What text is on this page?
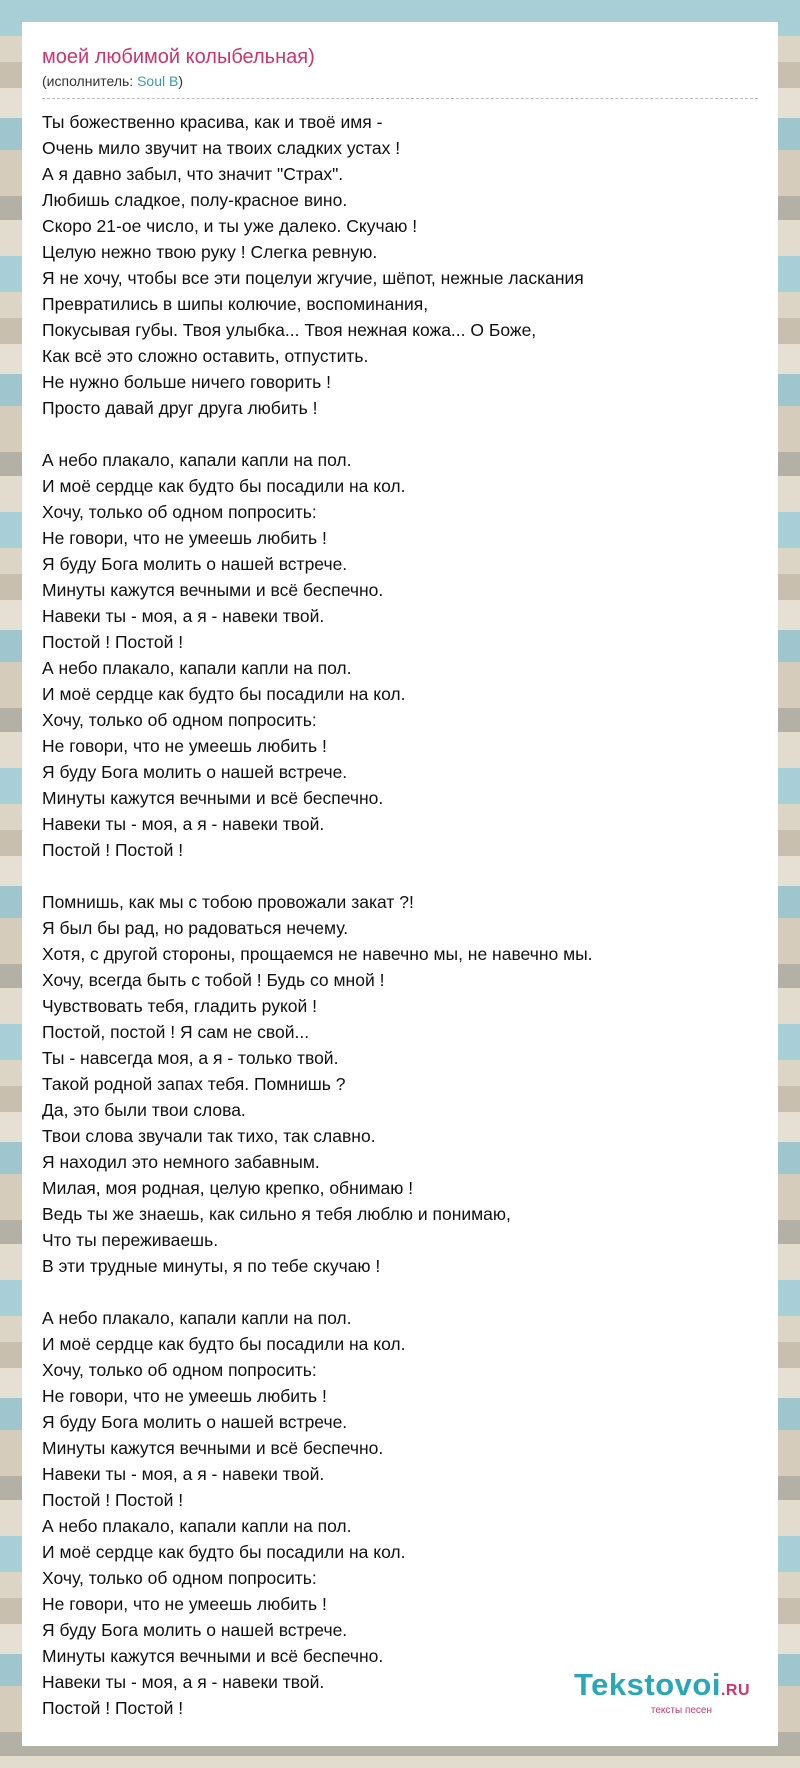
моей любимой колыбельная)
(исполнитель: Soul B)
Ты божественно красива, как и твоё имя -
Очень мило звучит на твоих сладких устах !
А я давно забыл, что значит "Страх".
Любишь сладкое, полу-красное вино.
Скоро 21-ое число, и ты уже далеко. Скучаю !
Целую нежно твою руку ! Слегка ревную.
Я не хочу, чтобы все эти поцелуи жгучие, шёпот, нежные ласкания
Превратились в шипы колючие, воспоминания,
Покусывая губы. Твоя улыбка... Твоя нежная кожа... О Боже,
Как всё это сложно оставить, отпустить.
Не нужно больше ничего говорить !
Просто давай друг друга любить !
А небо плакало, капали капли на пол.
И моё сердце как будто бы посадили на кол.
Хочу, только об одном попросить:
Не говори, что не умеешь любить !
Я буду Бога молить о нашей встрече.
Минуты кажутся вечными и всё беспечно.
Навеки ты - моя, а я - навеки твой.
Постой ! Постой !
А небо плакало, капали капли на пол.
И моё сердце как будто бы посадили на кол.
Хочу, только об одном попросить:
Не говори, что не умеешь любить !
Я буду Бога молить о нашей встрече.
Минуты кажутся вечными и всё беспечно.
Навеки ты - моя, а я - навеки твой.
Постой ! Постой !
Помнишь, как мы с тобою провожали закат ?!
Я был бы рад, но радоваться нечему.
Хотя, с другой стороны, прощаемся не навечно мы, не навечно мы.
Хочу, всегда быть с тобой ! Будь со мной !
Чувствовать тебя, гладить рукой !
Постой, постой ! Я сам не свой...
Ты - навсегда моя, а я - только твой.
Такой родной запах тебя. Помнишь ?
Да, это были твои слова.
Твои слова звучали так тихо, так славно.
Я находил это немного забавным.
Милая, моя родная, целую крепко, обнимаю !
Ведь ты же знаешь, как сильно я тебя люблю и понимаю,
Что ты переживаешь.
В эти трудные минуты, я по тебе скучаю !
А небо плакало, капали капли на пол.
И моё сердце как будто бы посадили на кол.
Хочу, только об одном попросить:
Не говори, что не умеешь любить !
Я буду Бога молить о нашей встрече.
Минуты кажутся вечными и всё беспечно.
Навеки ты - моя, а я - навеки твой.
Постой ! Постой !
А небо плакало, капали капли на пол.
И моё сердце как будто бы посадили на кол.
Хочу, только об одном попросить:
Не говори, что не умеешь любить !
Я буду Бога молить о нашей встрече.
Минуты кажутся вечными и всё беспечно.
Навеки ты - моя, а я - навеки твой.
Постой ! Постой !
Tekstovoi.RU
тексты песен
